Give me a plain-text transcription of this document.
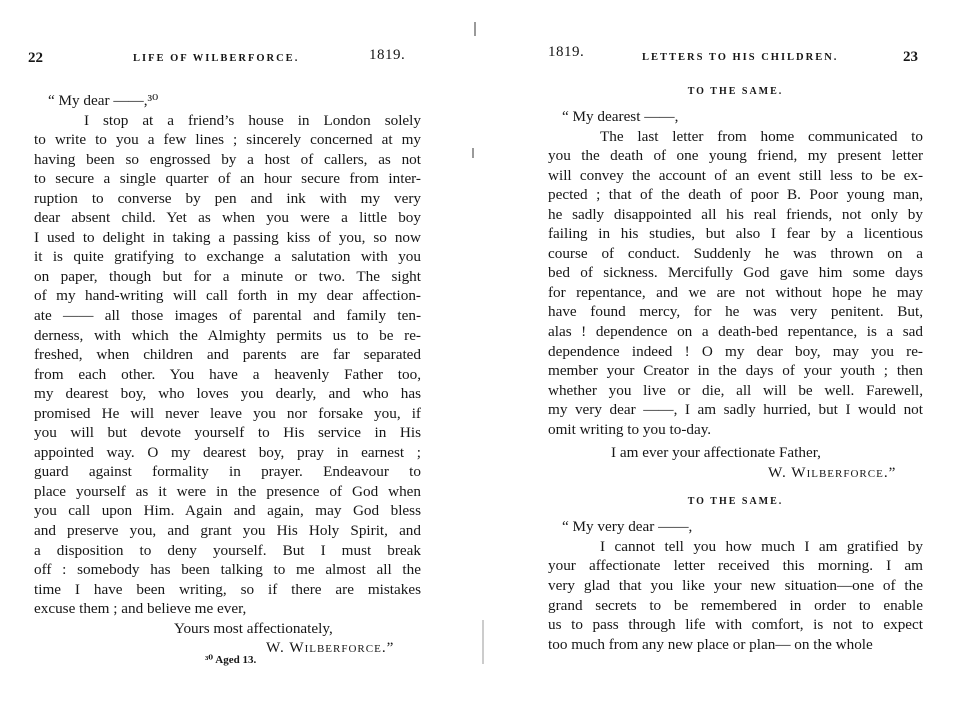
22	LIFE OF WILBERFORCE.	1819.
“ My dear ——,³⁰
I stop at a friend’s house in London solely
to write to you a few lines ; sincerely concerned at my
having been so engrossed by a host of callers, as not
to secure a single quarter of an hour secure from inter-
ruption to converse by pen and ink with my very
dear absent child. Yet as when you were a little boy
I used to delight in taking a passing kiss of you, so now
it is quite gratifying to exchange a salutation with you
on paper, though but for a minute or two. The sight
of my hand-writing will call forth in my dear affection-
ate —— all those images of parental and family ten-
derness, with which the Almighty permits us to be re-
freshed, when children and parents are far separated
from each other. You have a heavenly Father too,
my dearest boy, who loves you dearly, and who has
promised He will never leave you nor forsake you, if
you will but devote yourself to His service in His
appointed way. O my dearest boy, pray in earnest ;
guard against formality in prayer. Endeavour to
place yourself as it were in the presence of God when
you call upon Him. Again and again, may God bless
and preserve you, and grant you His Holy Spirit, and
a disposition to deny yourself. But I must break
off : somebody has been talking to me almost all the
time I have been writing, so if there are mistakes
excuse them ; and believe me ever,
Yours most affectionately,
W. Wilberforce.”
³⁰ Aged 13.
1819.	LETTERS TO HIS CHILDREN.	23
TO THE SAME.
“ My dearest ——,
The last letter from home communicated to
you the death of one young friend, my present letter
will convey the account of an event still less to be ex-
pected ; that of the death of poor B. Poor young man,
he sadly disappointed all his real friends, not only by
failing in his studies, but also I fear by a licentious
course of conduct. Suddenly he was thrown on a
bed of sickness. Mercifully God gave him some days
for repentance, and we are not without hope he may
have found mercy, for he was very penitent. But,
alas ! dependence on a death-bed repentance, is a sad
dependence indeed ! O my dear boy, may you re-
member your Creator in the days of your youth ; then
whether you live or die, all will be well. Farewell,
my very dear ——, I am sadly hurried, but I would not
omit writing to you to-day.
I am ever your affectionate Father,
W. Wilberforce.”
TO THE SAME.
“ My very dear ——,
I cannot tell you how much I am gratified by
your affectionate letter received this morning. I am
very glad that you like your new situation—one of the
grand secrets to be remembered in order to enable
us to pass through life with comfort, is not to expect
too much from any new place or plan— on the whole
